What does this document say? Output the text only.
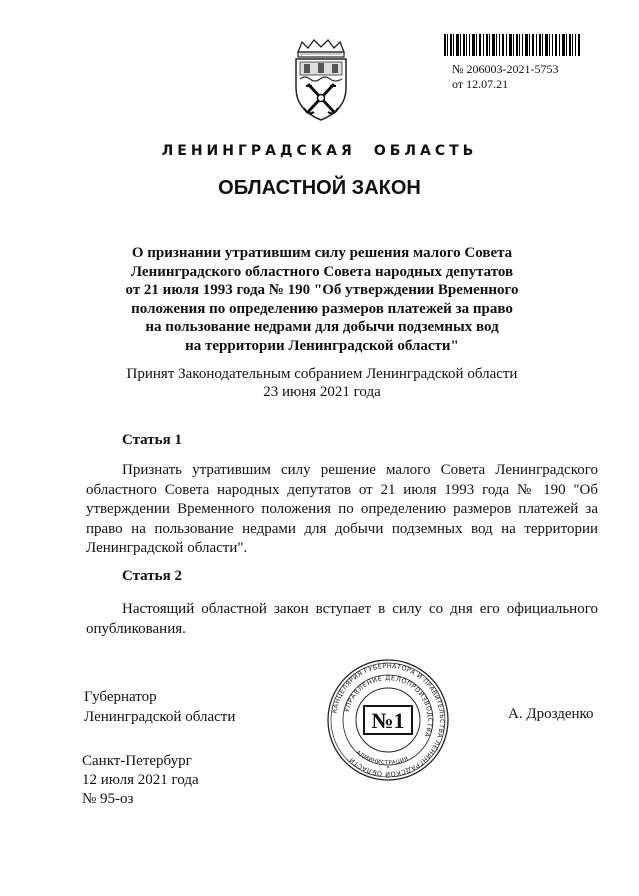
№ 206003-2021-5753
от 12.07.21
ЛЕНИНГРАДСКАЯ ОБЛАСТЬ
ОБЛАСТНОЙ ЗАКОН
О признании утратившим силу решения малого Совета
Ленинградского областного Совета народных депутатов
от 21 июля 1993 года № 190 "Об утверждении Временного
положения по определению размеров платежей за право
на пользование недрами для добычи подземных вод
на территории Ленинградской области"
Принят Законодательным собранием Ленинградской области
23 июня 2021 года
Статья 1
Признать утратившим силу решение малого Совета Ленинградского областного Совета народных депутатов от 21 июля 1993 года № 190 "Об утверждении Временного положения по определению размеров платежей за право на пользование недрами для добычи подземных вод на территории Ленинградской области".
Статья 2
Настоящий областной закон вступает в силу со дня его официального опубликования.
Губернатор
Ленинградской области	КАНЦЕЛЯРИЯ ГУБЕРНАТОРА И ПРАВИТЕЛЬСТВА ЛЕНИНГРАДСКОЙ ОБЛАСТИ
УПРАВЛЕНИЕ ДЕЛОПРОИЗВОДСТВА
АДМИНИСТРАЦИЯ
№1
*
А. Дрозденко
Санкт-Петербург
12 июля 2021 года
№ 95-оз
